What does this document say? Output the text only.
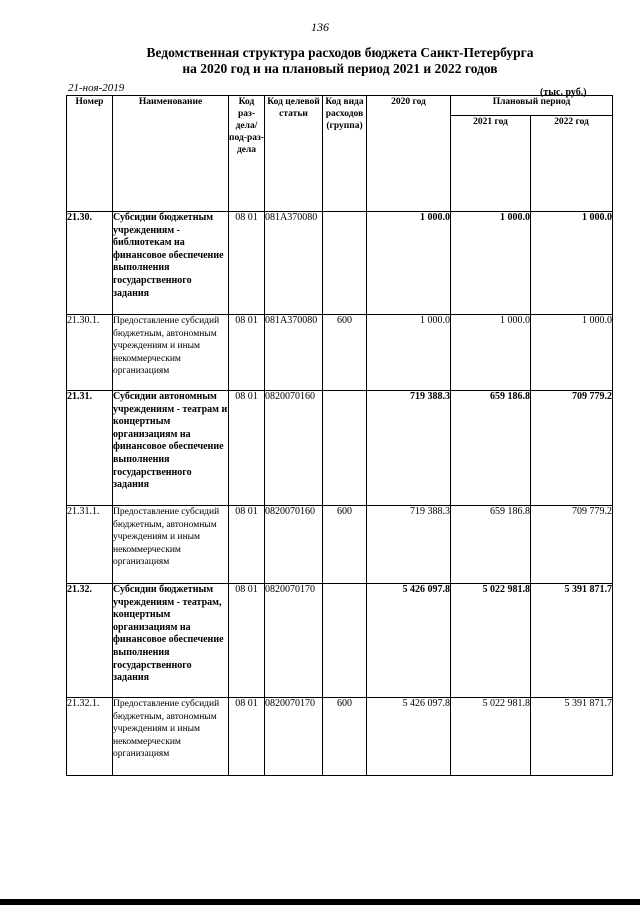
136
Ведомственная структура расходов бюджета Санкт-Петербурга
на 2020 год и на плановый период 2021 и 2022 годов
21-ноя-2019	(тыс. руб.)
Номер	Наименование	Код раз-дела/ под-раз-дела	Код целевой статьи	Код вида расходов (группа)	2020 год	Плановый период	
						2021 год	2022 год
21.30.	Субсидии бюджетным учреждениям - библиотекам на финансовое обеспечение выполнения государственного задания	08 01	081A370080		1 000.0	1 000.0	1 000.0
21.30.1.	Предоставление субсидий бюджетным, автономным учреждениям и иным некоммерческим организациям	08 01	081A370080	600	1 000.0	1 000.0	1 000.0
21.31.	Субсидии автономным учреждениям - театрам и концертным организациям на финансовое обеспечение выполнения государственного задания	08 01	0820070160		719 388.3	659 186.8	709 779.2
21.31.1.	Предоставление субсидий бюджетным, автономным учреждениям и иным некоммерческим организациям	08 01	0820070160	600	719 388.3	659 186.8	709 779.2
21.32.	Субсидии бюджетным учреждениям - театрам, концертным организациям на финансовое обеспечение выполнения государственного задания	08 01	0820070170		5 426 097.8	5 022 981.8	5 391 871.7
21.32.1.	Предоставление субсидий бюджетным, автономным учреждениям и иным некоммерческим организациям	08 01	0820070170	600	5 426 097.8	5 022 981.8	5 391 871.7
